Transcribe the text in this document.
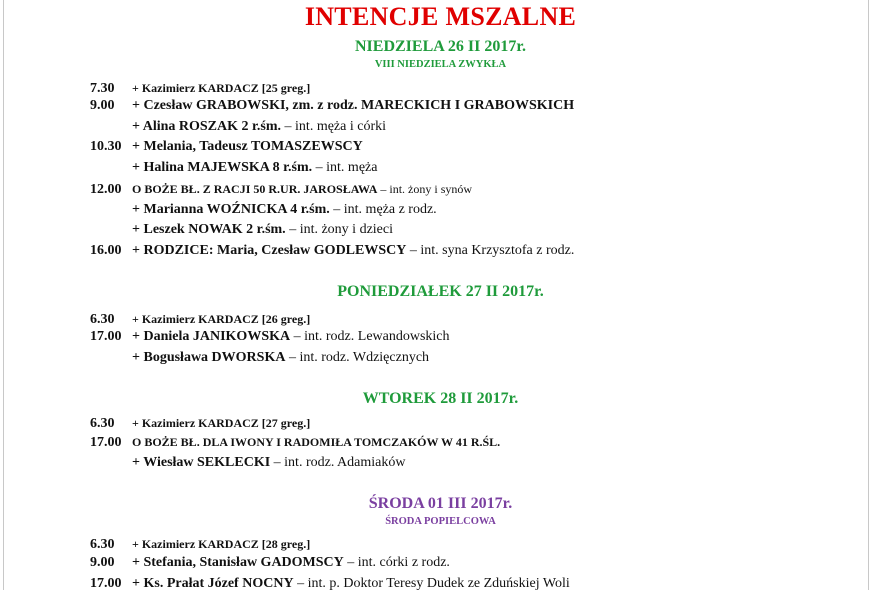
INTENCJE MSZALNE
NIEDZIELA 26 II 2017r.
VIII NIEDZIELA ZWYKŁA
7.30 + Kazimierz KARDACZ [25 greg.]
9.00 + Czesław GRABOWSKI, zm. z rodz. MARECKICH I GRABOWSKICH
+ Alina ROSZAK 2 r.śm. – int. męża i córki
10.30 + Melania, Tadeusz TOMASZEWSCY
+ Halina MAJEWSKA 8 r.śm. – int. męża
12.00 O BOŻE BŁ. Z RACJI 50 R.UR. JAROSŁAWA – int. żony i synów
+ Marianna WOŹNICKA 4 r.śm. – int. męża z rodz.
+ Leszek NOWAK 2 r.śm. – int. żony i dzieci
16.00 + RODZICE: Maria, Czesław GODLEWSCY – int. syna Krzysztofa z rodz.
PONIEDZIAŁEK 27 II 2017r.
6.30 + Kazimierz KARDACZ [26 greg.]
17.00 + Daniela JANIKOWSKA – int. rodz. Lewandowskich
+ Bogusława DWORSKA – int. rodz. Wdzięcznych
WTOREK 28 II 2017r.
6.30 + Kazimierz KARDACZ [27 greg.]
17.00 O BOŻE BŁ. DLA IWONY I RADOMIŁA TOMCZAKÓW W 41 R.ŚL.
+ Wiesław SEKLECKI – int. rodz. Adamiaków
ŚRODA 01 III 2017r.
ŚRODA POPIELCOWA
6.30 + Kazimierz KARDACZ [28 greg.]
9.00 + Stefania, Stanisław GADOMSCY – int. córki z rodz.
17.00 + Ks. Prałat Józef NOCNY – int. p. Doktor Teresy Dudek ze Zduńskiej Woli
